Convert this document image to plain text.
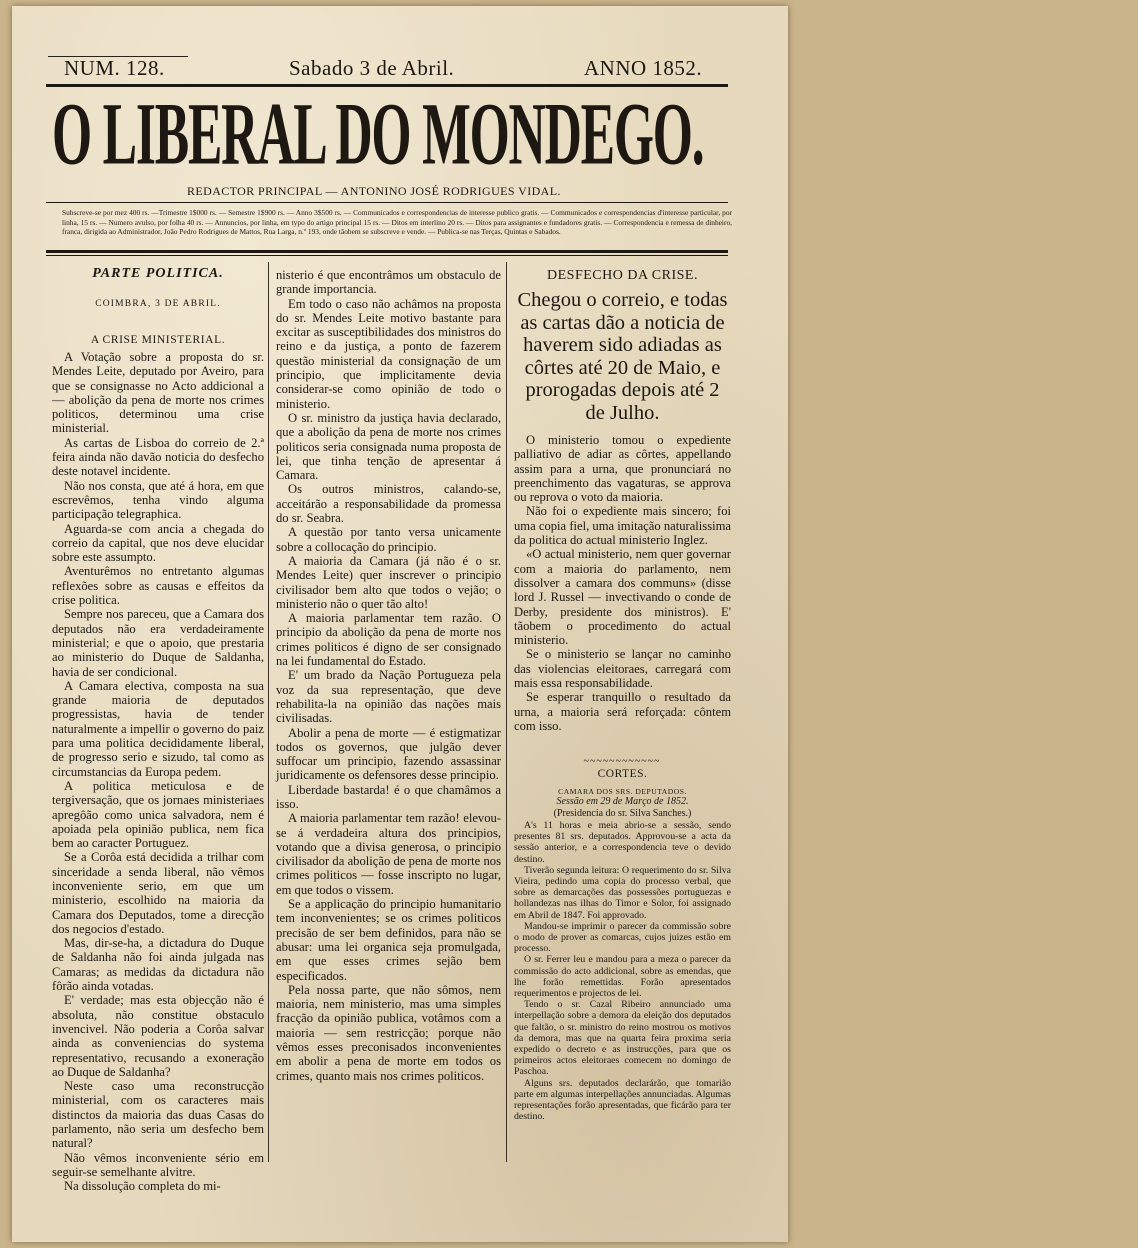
NUM. 128.	Sabado 3 de Abril.	ANNO 1852.
O LIBERAL DO MONDEGO.
REDACTOR PRINCIPAL — ANTONINO JOSÉ RODRIGUES VIDAL.
Subscreve-se por mez 400 rs. —Trimestre 1$000 rs. — Semestre 1$900 rs. — Anno 3$500 rs. — Communicados e correspondencias de interesse publico gratis. — Communicados e correspondencias d'interesse particular, por linha, 15 rs. — Numero avulso, por folha 40 rs. — Annuncios, por linha, em typo do artigo principal 15 rs. — Ditos em interlino 20 rs. — Ditos para assignantes e fundadores gratis. — Correspondencia e remessa de dinheiro, franca, dirigida ao Administrador, João Pedro Rodrigues de Mattos, Rua Larga, n.º 193, onde tãobem se subscreve e vende. — Publica-se nas Terças, Quintas e Sabados.
PARTE POLITICA.
COIMBRA, 3 DE ABRIL.
A CRISE MINISTERIAL.

A Votação sobre a proposta do sr. Mendes Leite, deputado por Aveiro, para que se consignasse no Acto addicional a — abolição da pena de morte nos crimes politicos, determinou uma crise ministerial.

As cartas de Lisboa do correio de 2.ª feira ainda não davão noticia do desfecho deste notavel incidente.

Não nos consta, que até á hora, em que escrevêmos, tenha vindo alguma participação telegraphica.

Aguarda-se com ancia a chegada do correio da capital, que nos deve elucidar sobre este assumpto.

Aventurêmos no entretanto algumas reflexões sobre as causas e effeitos da crise politica.

Sempre nos pareceu, que a Camara dos deputados não era verdadeiramente ministerial; e que o apoio, que prestaria ao ministerio do Duque de Saldanha, havia de ser condicional.

A Camara electiva, composta na sua grande maioria de deputados progressistas, havia de tender naturalmente a impellir o governo do paiz para uma politica decididamente liberal, de progresso serio e sizudo, tal como as circumstancias da Europa pedem.

A politica meticulosa e de tergiversação, que os jornaes ministeriaes apregôão como unica salvadora, nem é apoiada pela opinião publica, nem fica bem ao caracter Portuguez.

Se a Corôa está decidida a trilhar com sinceridade a senda liberal, não vêmos inconveniente serio, em que um ministerio, escolhido na maioria da Camara dos Deputados, tome a direcção dos negocios d'estado.

Mas, dir-se-ha, a dictadura do Duque de Saldanha não foi ainda julgada nas Camaras; as medidas da dictadura não fôrão ainda votadas.

E' verdade; mas esta objecção não é absoluta, não constitue obstaculo invencivel. Não poderia a Corôa salvar ainda as conveniencias do systema representativo, recusando a exoneração ao Duque de Saldanha?

Neste caso uma reconstrucção ministerial, com os caracteres mais distinctos da maioria das duas Casas do parlamento, não seria um desfecho bem natural?

Não vêmos inconveniente sério em seguir-se semelhante alvitre.

Na dissolução completa do mi-

nisterio é que encontrâmos um obstaculo de grande importancia.

Em todo o caso não achâmos na proposta do sr. Mendes Leite motivo bastante para excitar as susceptibilidades dos ministros do reino e da justiça, a ponto de fazerem questão ministerial da consignação de um principio, que implicitamente devia considerar-se como opinião de todo o ministerio.

O sr. ministro da justiça havia declarado, que a abolição da pena de morte nos crimes politicos seria consignada numa proposta de lei, que tinha tenção de apresentar á Camara.

Os outros ministros, calando-se, acceitárão a responsabilidade da promessa do sr. Seabra.

A questão por tanto versa unicamente sobre a collocação do principio.

A maioria da Camara (já não é o sr. Mendes Leite) quer inscrever o principio civilisador bem alto que todos o vejão; o ministerio não o quer tão alto!

A maioria parlamentar tem razão. O principio da abolição da pena de morte nos crimes politicos é digno de ser consignado na lei fundamental do Estado.

E' um brado da Nação Portugueza pela voz da sua representação, que deve rehabilita-la na opinião das nações mais civilisadas.

Abolir a pena de morte — é estigmatizar todos os governos, que julgão dever suffocar um principio, fazendo assassinar juridicamente os defensores desse principio.

Liberdade bastarda! é o que chamâmos a isso.

A maioria parlamentar tem razão! elevou-se á verdadeira altura dos principios, votando que a divisa generosa, o principio civilisador da abolição de pena de morte nos crimes politicos — fosse inscripto no lugar, em que todos o vissem.

Se a applicação do principio humanitario tem inconvenientes; se os crimes politicos precisão de ser bem definidos, para não se abusar: uma lei organica seja promulgada, em que esses crimes sejão bem especificados.

Pela nossa parte, que não sômos, nem maioria, nem ministerio, mas uma simples fracção da opinião publica, votâmos com a maioria — sem restricção; porque não vêmos esses preconisados inconvenientes em abolir a pena de morte em todos os crimes, quanto mais nos crimes politicos.

DESFECHO DA CRISE.
Chegou o correio, e todas as cartas dão a noticia de haverem sido adiadas as côrtes até 20 de Maio, e prorogadas depois até 2 de Julho.

O ministerio tomou o expediente palliativo de adiar as côrtes, appellando assim para a urna, que pronunciará no preenchimento das vagaturas, se approva ou reprova o voto da maioria.

Não foi o expediente mais sincero; foi uma copia fiel, uma imitação naturalissima da politica do actual ministerio Inglez.

«O actual ministerio, nem quer governar com a maioria do parlamento, nem dissolver a camara dos communs» (disse lord J. Russel — invectivando o conde de Derby, presidente dos ministros). E' tãobem o procedimento do actual ministerio.

Se o ministerio se lançar no caminho das violencias eleitoraes, carregará com mais essa responsabilidade.

Se esperar tranquillo o resultado da urna, a maioria será reforçada: côntem com isso.

~~~~~~~~~~~~
CORTES.
CAMARA DOS SRS. DEPUTADOS.
Sessão em 29 de Março de 1852.
(Presidencia do sr. Silva Sanches.)

A's 11 horas e meia abrio-se a sessão, sendo presentes 81 srs. deputados. Approvou-se a acta da sessão anterior, e a correspondencia teve o devido destino.

Tiverão segunda leitura: O requerimento do sr. Silva Vieira, pedindo uma copia do processo verbal, que sobre as demarcações das possessões portuguezas e hollandezas nas ilhas do Timor e Solor, foi assignado em Abril de 1847. Foi approvado.

Mandou-se imprimir o parecer da commissão sobre o modo de prover as comarcas, cujos juizes estão em processo.

O sr. Ferrer leu e mandou para a meza o parecer da commissão do acto addicional, sobre as emendas, que lhe forão remettidas. Forão apresentados requerimentos e projectos de lei.

Tendo o sr. Cazal Ribeiro annunciado uma interpellação sobre a demora da eleição dos deputados que faltão, o sr. ministro do reino mostrou os motivos da demora, mas que na quarta feira proxima seria expedido o decreto e as instrucções, para que os primeiros actos eleitoraes comecem no domingo de Paschoa.

Alguns srs. deputados declarárão, que tomarião parte em algumas interpellações annunciadas. Algumas representações forão apresentadas, que ficárão para ter destino.
